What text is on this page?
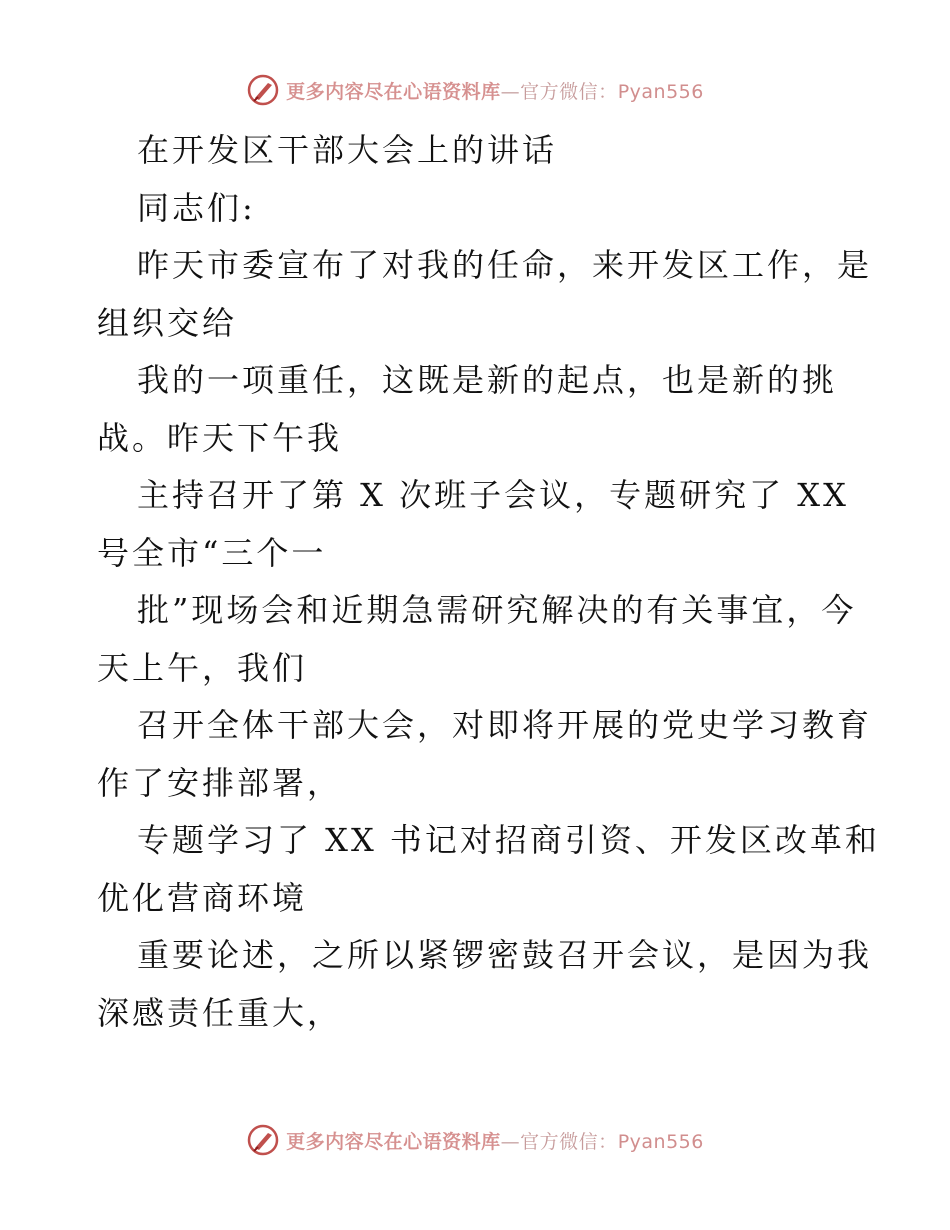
更多内容尽在心语资料库—官方微信：Pyan556
在开发区干部大会上的讲话
同志们:
昨天市委宣布了对我的任命，来开发区工作，是
组织交给
我的一项重任，这既是新的起点，也是新的挑
战。昨天下午我
主持召开了第 X 次班子会议，专题研究了 XX
号全市“三个一
批”现场会和近期急需研究解决的有关事宜，今
天上午，我们
召开全体干部大会，对即将开展的党史学习教育
作了安排部署，
专题学习了 XX 书记对招商引资、开发区改革和
优化营商环境
重要论述，之所以紧锣密鼓召开会议，是因为我
深感责任重大，
更多内容尽在心语资料库—官方微信：Pyan556
